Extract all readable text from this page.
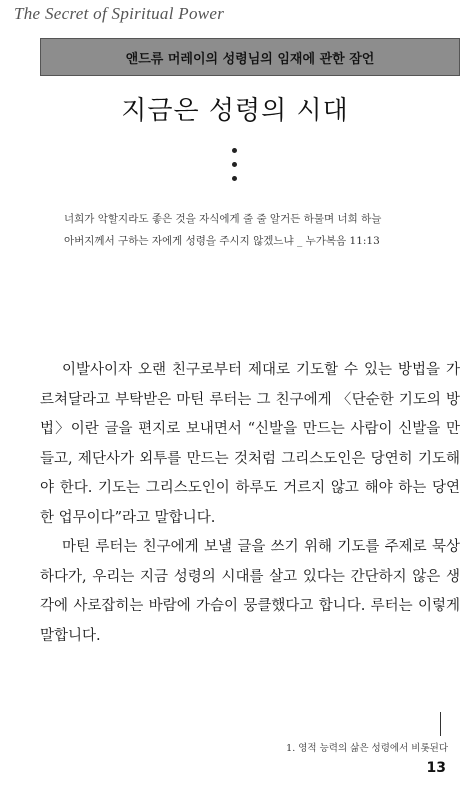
The Secret of Spiritual Power
앤드류 머레이의 성령님의 임재에 관한 잠언
지금은 성령의 시대
너희가 악할지라도 좋은 것을 자식에게 줄 줄 알거든 하물며 너희 하늘
아버지께서 구하는 자에게 성령을 주시지 않겠느냐 _ 누가복음 11:13

이발사이자 오랜 친구로부터 제대로 기도할 수 있는 방법을 가르쳐달라고 부탁받은 마틴 루터는 그 친구에게 〈단순한 기도의 방법〉이란 글을 편지로 보내면서 “신발을 만드는 사람이 신발을 만들고, 제단사가 외투를 만드는 것처럼 그리스도인은 당연히 기도해야 한다. 기도는 그리스도인이 하루도 거르지 않고 해야 하는 당연한 업무이다”라고 말합니다.

마틴 루터는 친구에게 보낼 글을 쓰기 위해 기도를 주제로 묵상하다가, 우리는 지금 성령의 시대를 살고 있다는 간단하지 않은 생각에 사로잡히는 바람에 가슴이 뭉클했다고 합니다. 루터는 이렇게 말합니다.

1. 영적 능력의 삶은 성령에서 비롯된다
13
